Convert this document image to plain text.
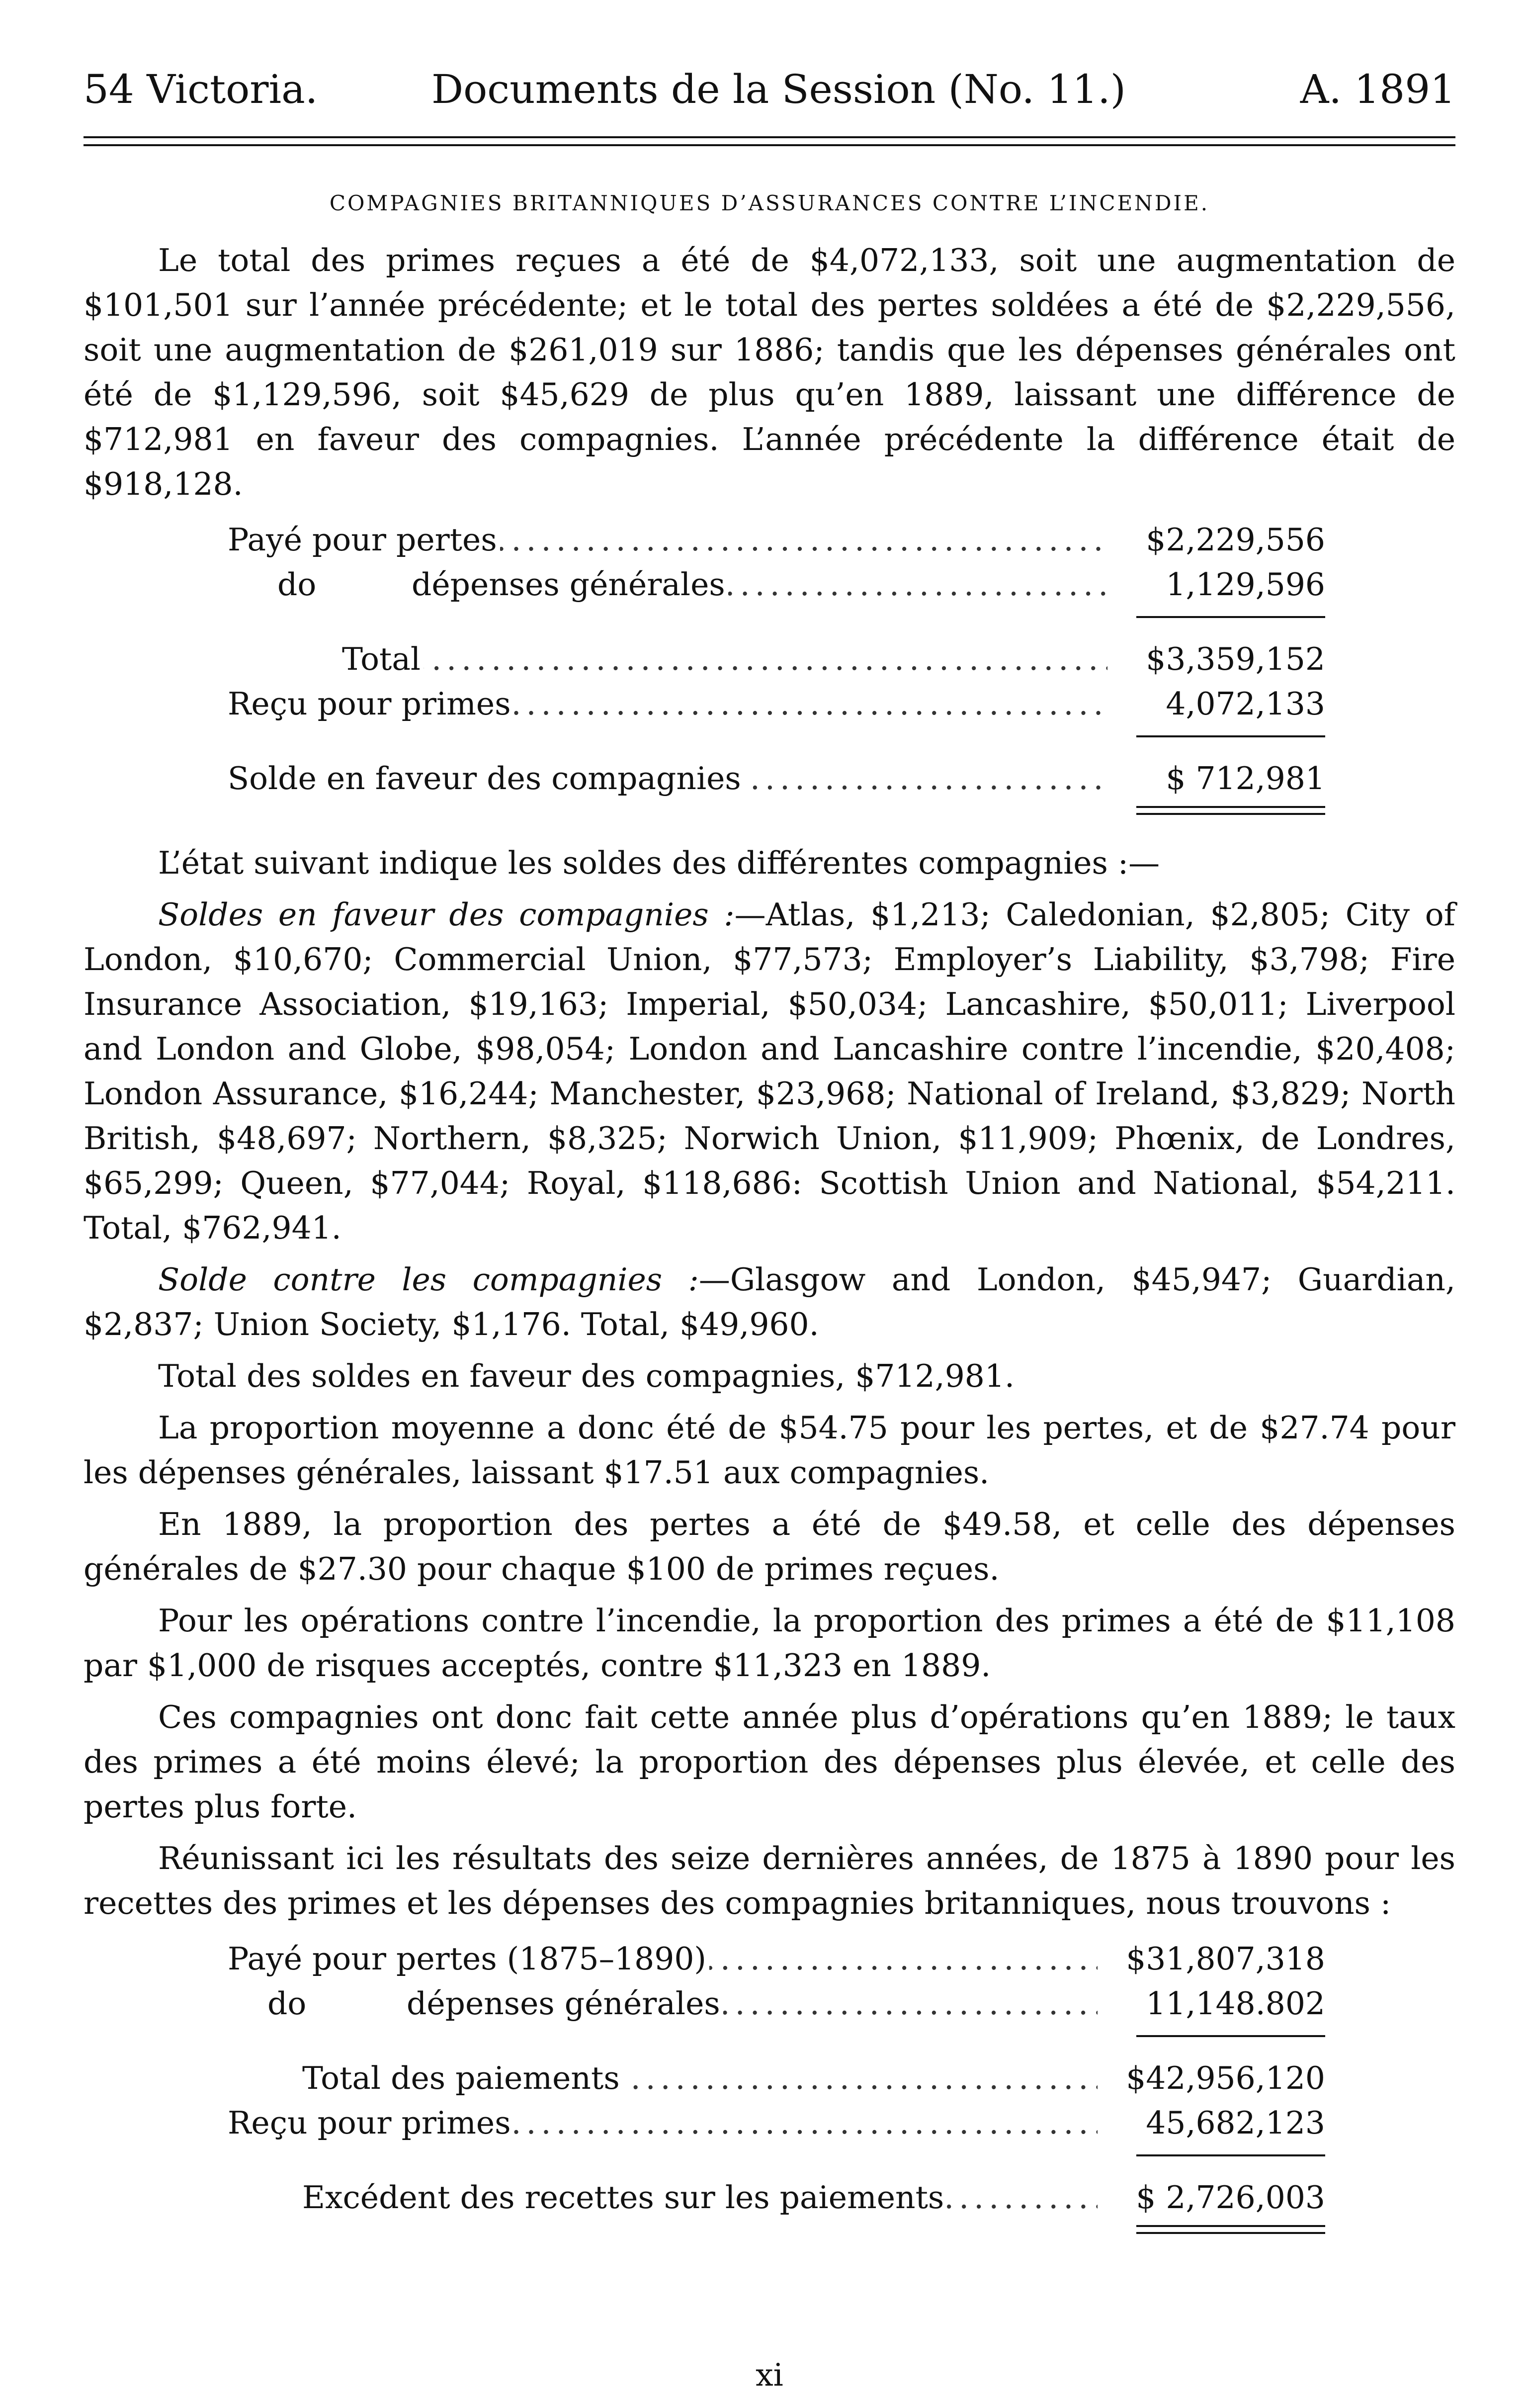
54 Victoria.	Documents de la Session (No. 11.)	A. 1891
COMPAGNIES BRITANNIQUES D’ASSURANCES CONTRE L’INCENDIE.

Le total des primes reçues a été de $4,072,133, soit une augmentation de $101,501 sur l’année précédente; et le total des pertes soldées a été de $2,229,556, soit une augmentation de $261,019 sur 1886; tandis que les dépenses générales ont été de $1,129,596, soit $45,629 de plus qu’en 1889, laissant une différence de $712,981 en faveur des compagnies. L’année précédente la différence était de $918,128.

Payé pour pertes .....	$2,229,556
do	dépenses générales .....	1,129,596
Total .....	$3,359,152
Reçu pour primes .....	4,072,133
Solde en faveur des compagnies .....	$ 712,981

L’état suivant indique les soldes des différentes compagnies :—

Soldes en faveur des compagnies :—Atlas, $1,213; Caledonian, $2,805; City of London, $10,670; Commercial Union, $77,573; Employer’s Liability, $3,798; Fire Insurance Association, $19,163; Imperial, $50,034; Lancashire, $50,011; Liverpool and London and Globe, $98,054; London and Lancashire contre l’incendie, $20,408; London Assurance, $16,244; Manchester, $23,968; National of Ireland, $3,829; North British, $48,697; Northern, $8,325; Norwich Union, $11,909; Phœnix, de Londres, $65,299; Queen, $77,044; Royal, $118,686: Scottish Union and National, $54,211. Total, $762,941.

Solde contre les compagnies :—Glasgow and London, $45,947; Guardian, $2,837; Union Society, $1,176. Total, $49,960.

Total des soldes en faveur des compagnies, $712,981.

La proportion moyenne a donc été de $54.75 pour les pertes, et de $27.74 pour les dépenses générales, laissant $17.51 aux compagnies.

En 1889, la proportion des pertes a été de $49.58, et celle des dépenses générales de $27.30 pour chaque $100 de primes reçues.

Pour les opérations contre l’incendie, la proportion des primes a été de $11,108 par $1,000 de risques acceptés, contre $11,323 en 1889.

Ces compagnies ont donc fait cette année plus d’opérations qu’en 1889; le taux des primes a été moins élevé; la proportion des dépenses plus élevée, et celle des pertes plus forte.

Réunissant ici les résultats des seize dernières années, de 1875 à 1890 pour les recettes des primes et les dépenses des compagnies britanniques, nous trouvons :

Payé pour pertes (1875–1890) .....	$31,807,318
do	dépenses générales .....	11,148.802
Total des paiements .....	$42,956,120
Reçu pour primes .....	45,682,123
Excédent des recettes sur les paiements .....	$ 2,726,003
xi
